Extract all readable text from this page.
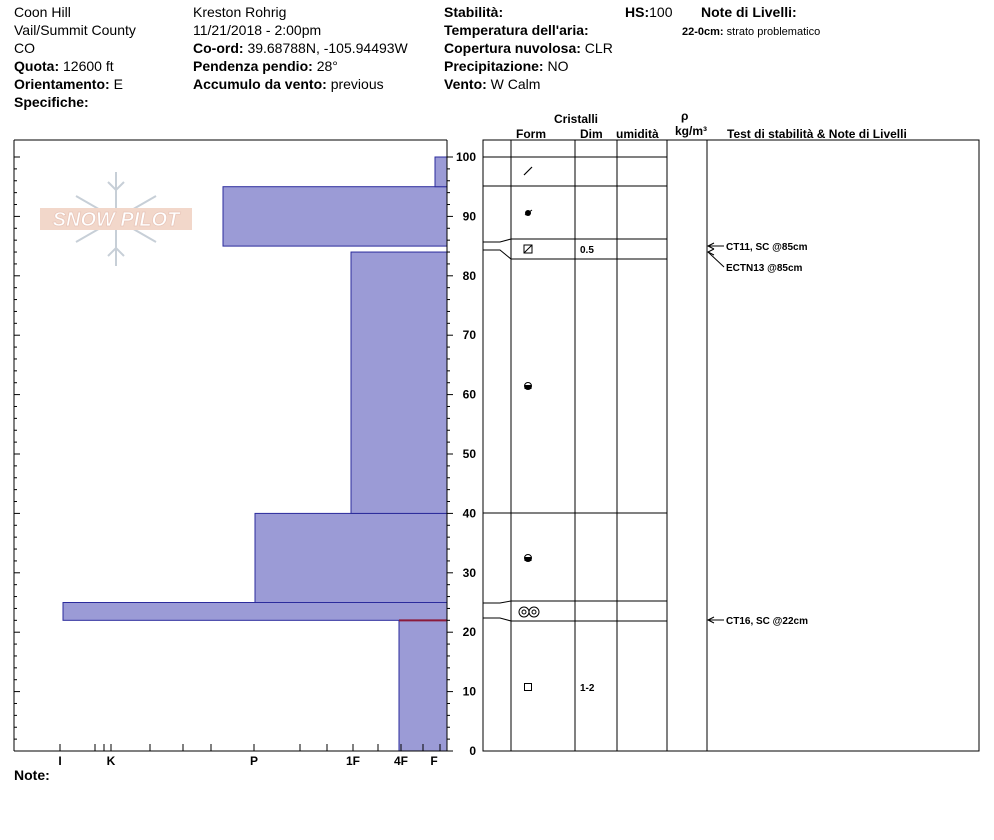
Coon Hill
Vail/Summit County
CO
Quota: 12600 ft
Orientamento: E
Specifiche:
Kreston Rohrig
11/21/2018 - 2:00pm
Co-ord: 39.68788N, -105.94493W
Pendenza pendio: 28°
Accumulo da vento: previous
Stabilità:
Temperatura dell'aria:
Copertura nuvolosa: CLR
Precipitazione: NO
Vento: W Calm
HS:100 Note di Livelli:
22-0cm: strato problematico
Cristalli
Form	Dim umidità
ρ
kg/m³ Test di stabilità & Note di Livelli
Note:
SNOW PILOT
0
10
20
30
40
50
60
70
80
90
100
I	K	P	1F	4F F
0.5
1-2
CT11, SC @85cm
ECTN13 @85cm
CT16, SC @22cm
